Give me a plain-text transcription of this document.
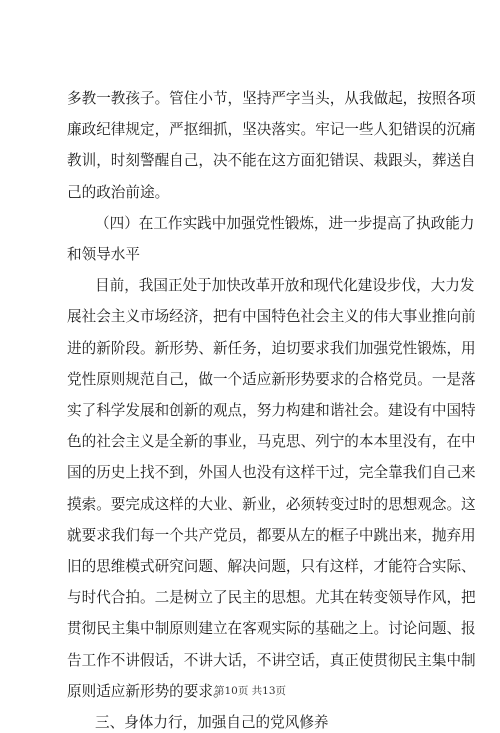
多教一教孩子。管住小节，坚持严字当头，从我做起，按照各项
廉政纪律规定，严抠细抓，坚决落实。牢记一些人犯错误的沉痛
教训，时刻警醒自己，决不能在这方面犯错误、栽跟头，葬送自
己的政治前途。
（四）在工作实践中加强党性锻炼，进一步提高了执政能力
和领导水平
目前，我国正处于加快改革开放和现代化建设步伐，大力发
展社会主义市场经济，把有中国特色社会主义的伟大事业推向前
进的新阶段。新形势、新任务，迫切要求我们加强党性锻炼，用
党性原则规范自己，做一个适应新形势要求的合格党员。一是落
实了科学发展和创新的观点，努力构建和谐社会。建设有中国特
色的社会主义是全新的事业，马克思、列宁的本本里没有，在中
国的历史上找不到，外国人也没有这样干过，完全靠我们自己来
摸索。要完成这样的大业、新业，必须转变过时的思想观念。这
就要求我们每一个共产党员，都要从左的框子中跳出来，抛弃用
旧的思维模式研究问题、解决问题，只有这样，才能符合实际、
与时代合拍。二是树立了民主的思想。尤其在转变领导作风，把
贯彻民主集中制原则建立在客观实际的基础之上。讨论问题、报
告工作不讲假话，不讲大话，不讲空话，真正使贯彻民主集中制
原则适应新形势的要求。
三、身体力行，加强自己的党风修养
第10页 共13页
